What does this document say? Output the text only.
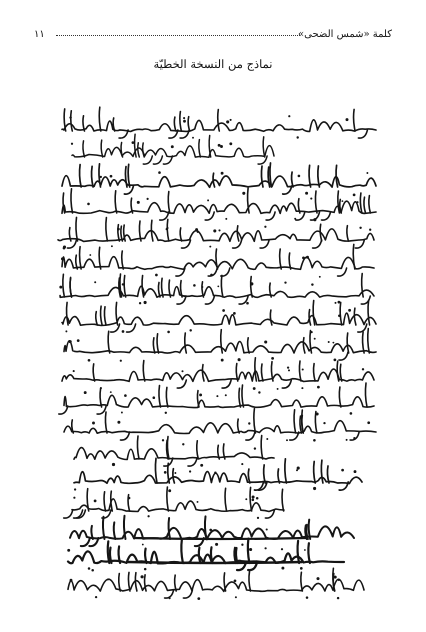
كلمة «شمس الضحى»
١١
نماذج من النسخة الخطيّة
